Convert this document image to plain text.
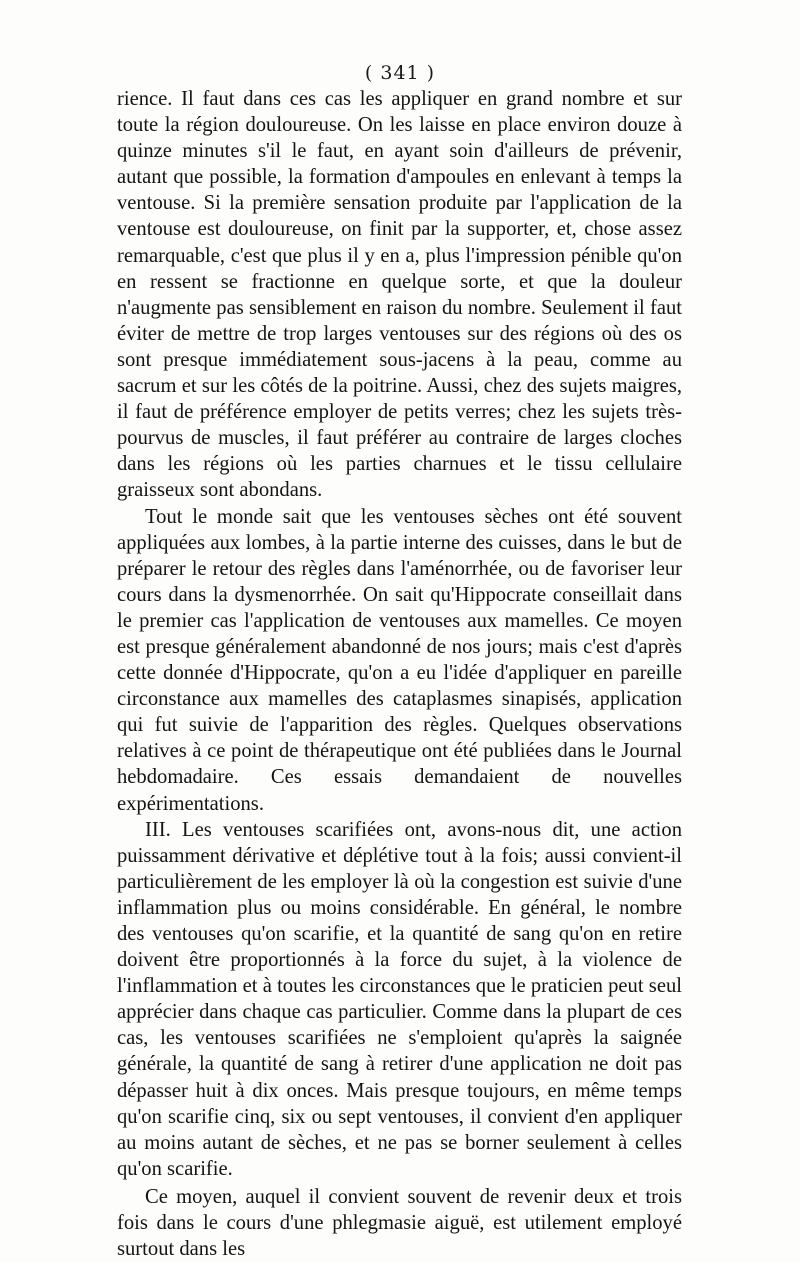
( 341 )

rience. Il faut dans ces cas les appliquer en grand nombre et sur toute la région douloureuse. On les laisse en place environ douze à quinze minutes s'il le faut, en ayant soin d'ailleurs de prévenir, autant que possible, la formation d'ampoules en enlevant à temps la ventouse. Si la première sensation produite par l'application de la ventouse est douloureuse, on finit par la supporter, et, chose assez remarquable, c'est que plus il y en a, plus l'impression pénible qu'on en ressent se fractionne en quelque sorte, et que la douleur n'augmente pas sensiblement en raison du nombre. Seulement il faut éviter de mettre de trop larges ventouses sur des régions où des os sont presque immédiatement sous-jacens à la peau, comme au sacrum et sur les côtés de la poitrine. Aussi, chez des sujets maigres, il faut de préférence employer de petits verres; chez les sujets très-pourvus de muscles, il faut préférer au contraire de larges cloches dans les régions où les parties charnues et le tissu cellulaire graisseux sont abondans.

Tout le monde sait que les ventouses sèches ont été souvent appliquées aux lombes, à la partie interne des cuisses, dans le but de préparer le retour des règles dans l'aménorrhée, ou de favoriser leur cours dans la dysmenorrhée. On sait qu'Hippocrate conseillait dans le premier cas l'application de ventouses aux mamelles. Ce moyen est presque généralement abandonné de nos jours; mais c'est d'après cette donnée d'Hippocrate, qu'on a eu l'idée d'appliquer en pareille circonstance aux mamelles des cataplasmes sinapisés, application qui fut suivie de l'apparition des règles. Quelques observations relatives à ce point de thérapeutique ont été publiées dans le Journal hebdomadaire. Ces essais demandaient de nouvelles expérimentations.

III. Les ventouses scarifiées ont, avons-nous dit, une action puissamment dérivative et déplétive tout à la fois; aussi convient-il particulièrement de les employer là où la congestion est suivie d'une inflammation plus ou moins considérable. En général, le nombre des ventouses qu'on scarifie, et la quantité de sang qu'on en retire doivent être proportionnés à la force du sujet, à la violence de l'inflammation et à toutes les circonstances que le praticien peut seul apprécier dans chaque cas particulier. Comme dans la plupart de ces cas, les ventouses scarifiées ne s'emploient qu'après la saignée générale, la quantité de sang à retirer d'une application ne doit pas dépasser huit à dix onces. Mais presque toujours, en même temps qu'on scarifie cinq, six ou sept ventouses, il convient d'en appliquer au moins autant de sèches, et ne pas se borner seulement à celles qu'on scarifie.

Ce moyen, auquel il convient souvent de revenir deux et trois fois dans le cours d'une phlegmasie aiguë, est utilement employé surtout dans les
